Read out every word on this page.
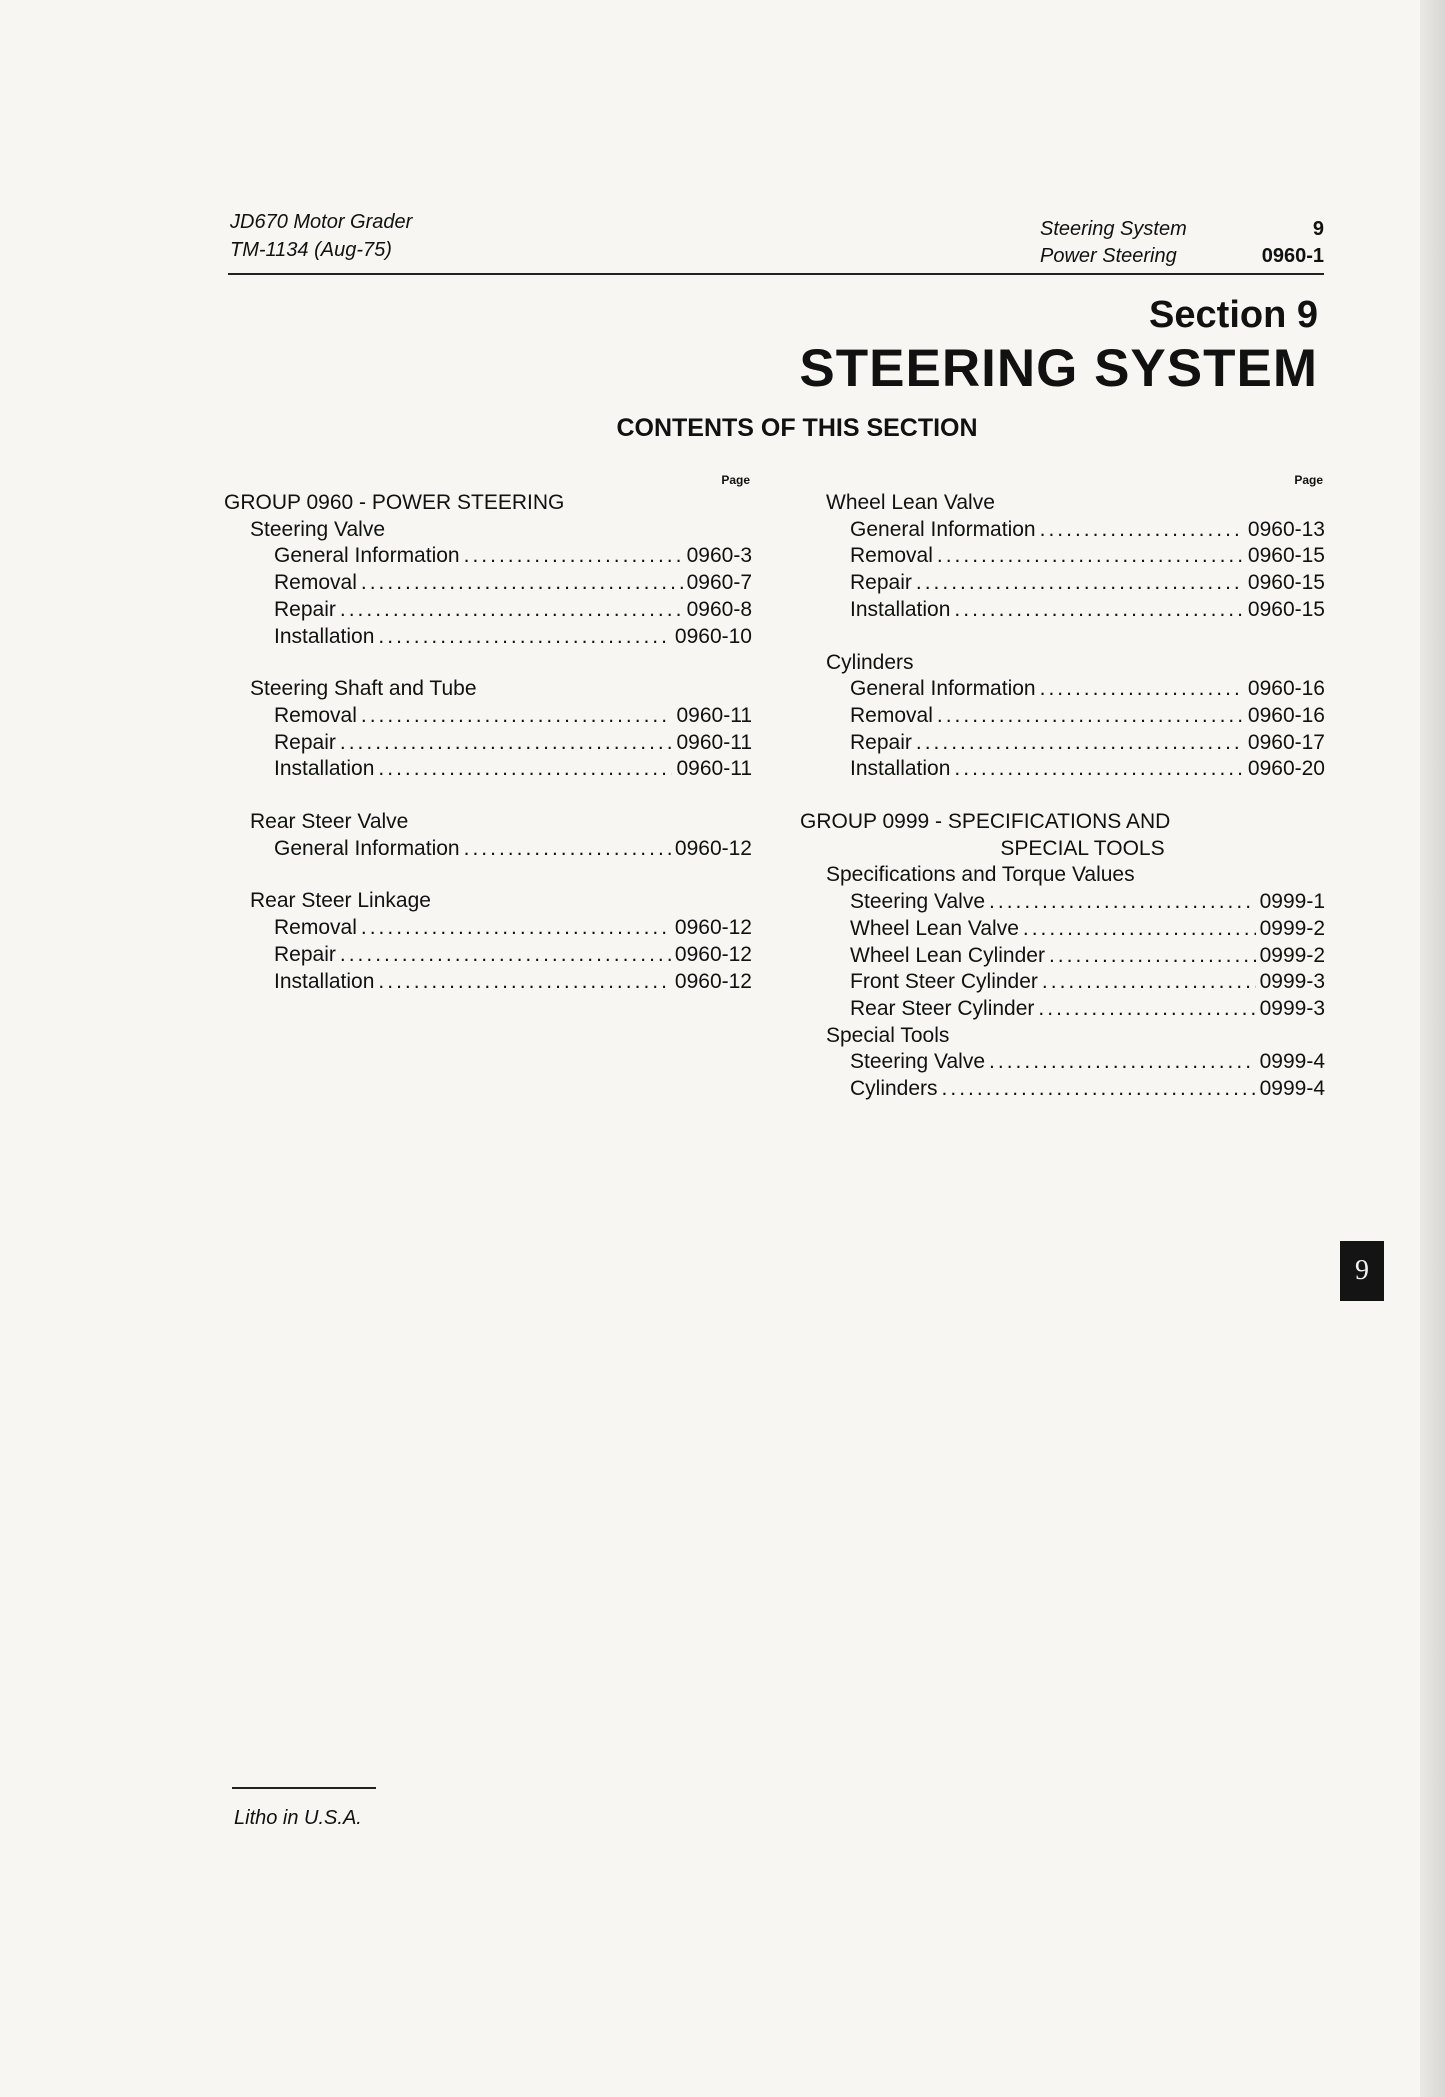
JD670 Motor Grader
TM-1134 (Aug-75)
Steering System	9
Power Steering	0960-1
Section 9
STEERING SYSTEM
CONTENTS OF THIS SECTION
Page
GROUP 0960 - POWER STEERING
Steering Valve
General Information .....	0960-3
Removal .....	0960-7
Repair .....	0960-8
Installation .....	0960-10
Steering Shaft and Tube
Removal .....	0960-11
Repair .....	0960-11
Installation .....	0960-11
Rear Steer Valve
General Information .....	0960-12
Rear Steer Linkage
Removal .....	0960-12
Repair .....	0960-12
Installation .....	0960-12
Page
Wheel Lean Valve
General Information .....	0960-13
Removal .....	0960-15
Repair .....	0960-15
Installation .....	0960-15
Cylinders
General Information .....	0960-16
Removal .....	0960-16
Repair .....	0960-17
Installation .....	0960-20
GROUP 0999 - SPECIFICATIONS AND
SPECIAL TOOLS
Specifications and Torque Values
Steering Valve .....	0999-1
Wheel Lean Valve .....	0999-2
Wheel Lean Cylinder .....	0999-2
Front Steer Cylinder .....	0999-3
Rear Steer Cylinder .....	0999-3
Special Tools
Steering Valve .....	0999-4
Cylinders .....	0999-4
9
Litho in U.S.A.
